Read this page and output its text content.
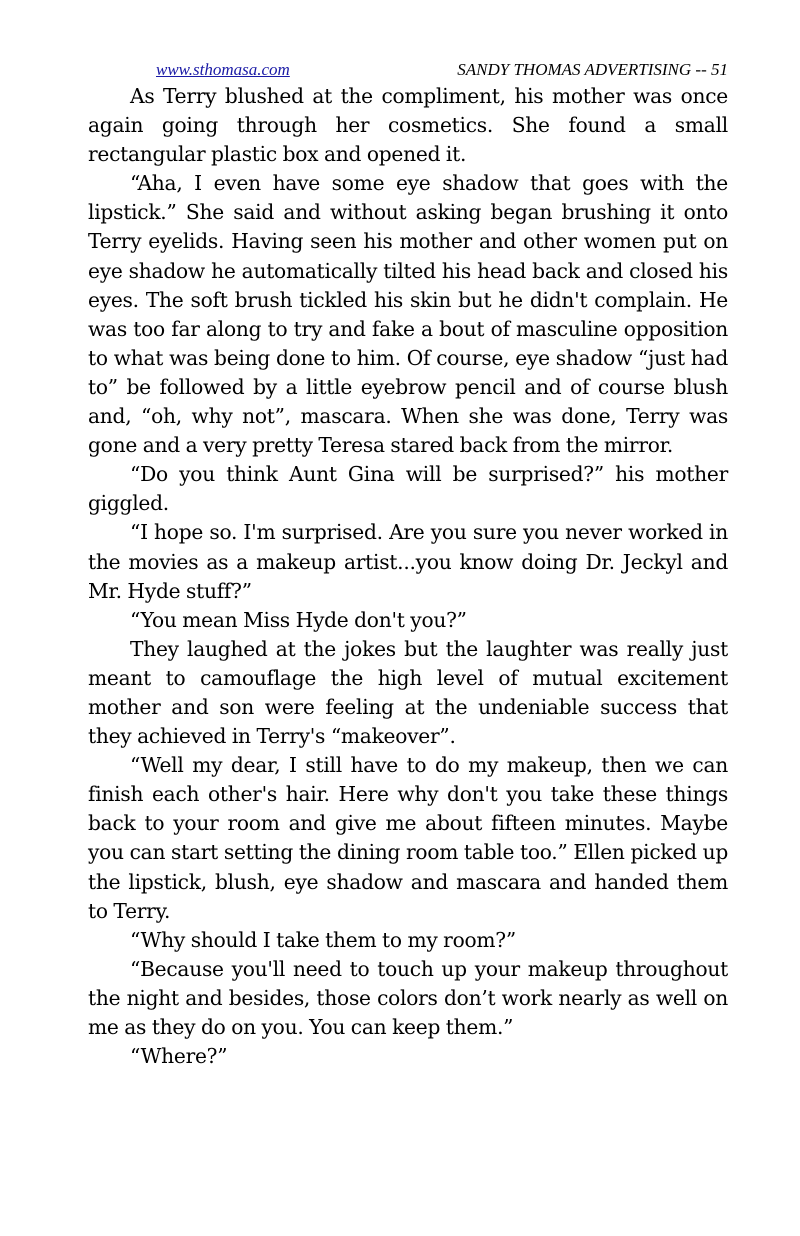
www.sthomasa.com	SANDY THOMAS ADVERTISING -- 51

As Terry blushed at the compliment, his mother was once again going through her cosmetics. She found a small rectangular plastic box and opened it.

“Aha, I even have some eye shadow that goes with the lipstick.” She said and without asking began brushing it onto Terry eyelids. Having seen his mother and other women put on eye shadow he automatically tilted his head back and closed his eyes. The soft brush tickled his skin but he didn't complain. He was too far along to try and fake a bout of masculine opposition to what was being done to him. Of course, eye shadow “just had to” be followed by a little eyebrow pencil and of course blush and, “oh, why not”, mascara. When she was done, Terry was gone and a very pretty Teresa stared back from the mirror.

“Do you think Aunt Gina will be surprised?” his mother giggled.

“I hope so. I'm surprised. Are you sure you never worked in the movies as a makeup artist...you know doing Dr. Jeckyl and Mr. Hyde stuff?”

“You mean Miss Hyde don't you?”

They laughed at the jokes but the laughter was really just meant to camouflage the high level of mutual excitement mother and son were feeling at the undeniable success that they achieved in Terry's “makeover”.

“Well my dear, I still have to do my makeup, then we can finish each other's hair. Here why don't you take these things back to your room and give me about fifteen minutes. Maybe you can start setting the dining room table too.” Ellen picked up the lipstick, blush, eye shadow and mascara and handed them to Terry.

“Why should I take them to my room?”

“Because you'll need to touch up your makeup throughout the night and besides, those colors don’t work nearly as well on me as they do on you. You can keep them.”

“Where?”
